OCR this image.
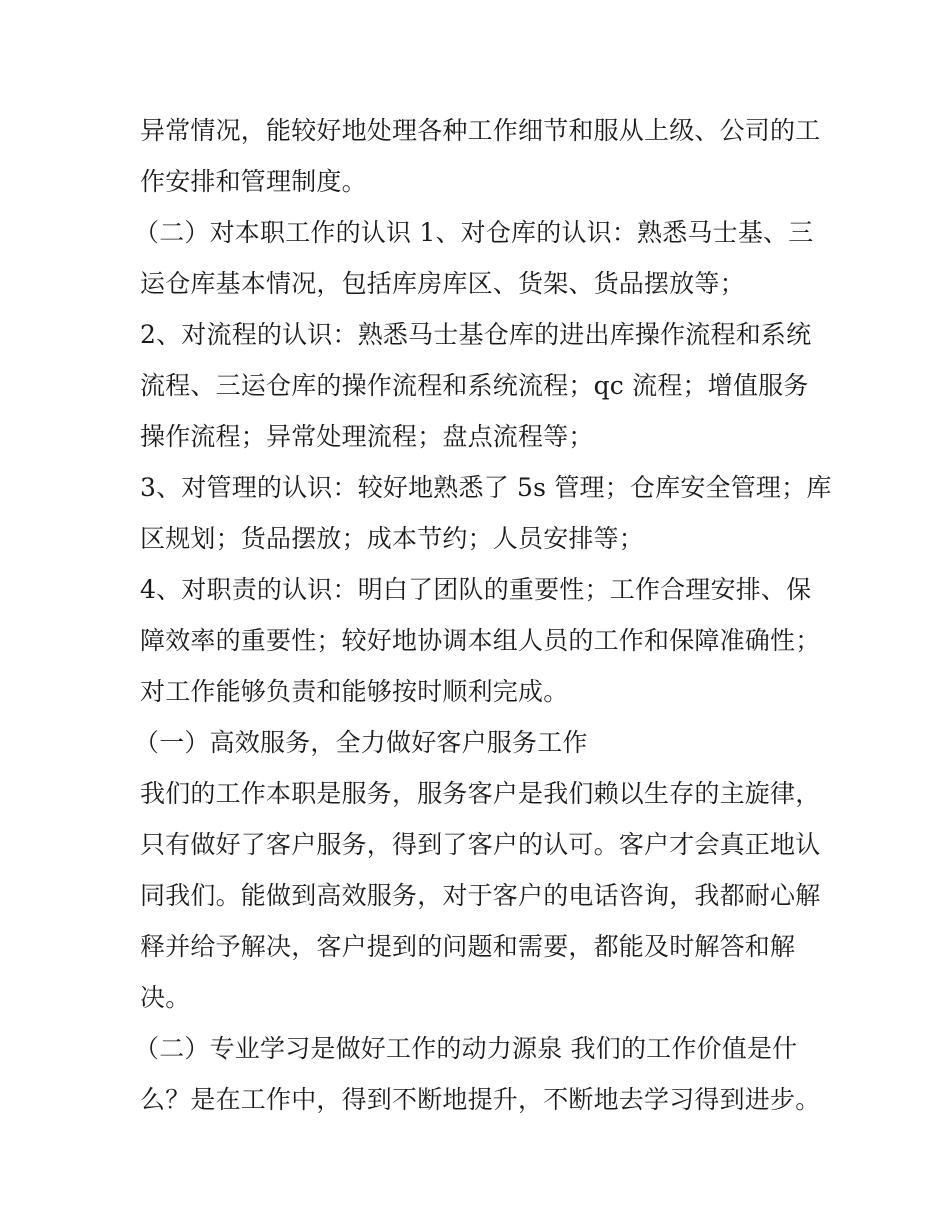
异常情况，能较好地处理各种工作细节和服从上级、公司的工
作安排和管理制度。
（二）对本职工作的认识 1、对仓库的认识：熟悉马士基、三
运仓库基本情况，包括库房库区、货架、货品摆放等；
2、对流程的认识：熟悉马士基仓库的进出库操作流程和系统
流程、三运仓库的操作流程和系统流程；qc 流程；增值服务
操作流程；异常处理流程；盘点流程等；
3、对管理的认识：较好地熟悉了 5s 管理；仓库安全管理；库
区规划；货品摆放；成本节约；人员安排等；
4、对职责的认识：明白了团队的重要性；工作合理安排、保
障效率的重要性；较好地协调本组人员的工作和保障准确性；
对工作能够负责和能够按时顺利完成。
（一）高效服务，全力做好客户服务工作
我们的工作本职是服务，服务客户是我们赖以生存的主旋律，
只有做好了客户服务，得到了客户的认可。客户才会真正地认
同我们。能做到高效服务，对于客户的电话咨询，我都耐心解
释并给予解决，客户提到的问题和需要，都能及时解答和解
决。
（二）专业学习是做好工作的动力源泉 我们的工作价值是什
么？是在工作中，得到不断地提升，不断地去学习得到进步。
